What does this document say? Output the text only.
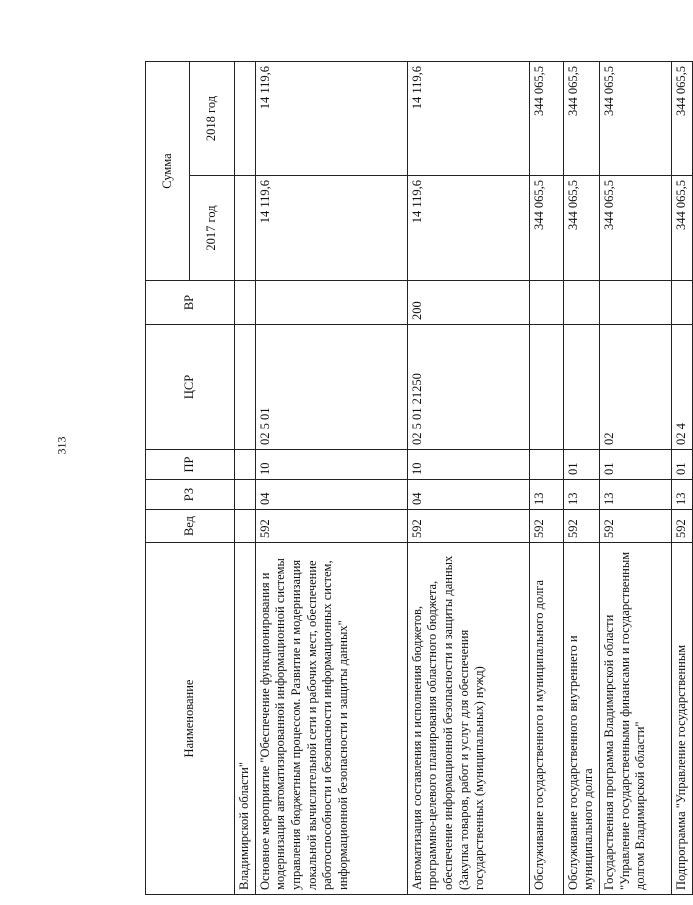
313
Наименование	Вед	РЗ	ПР	ЦСР	ВР	Сумма	
						2017 год	2018 год
Владимирской области"							
Основное мероприятие "Обеспечение функционирования и модернизация автоматизированной информационной системы управления бюджетным процессом. Развитие и модернизация локальной вычислительной сети и рабочих мест, обеспечение работоспособности и безопасности информационных систем, информационной безопасности и защиты данных"	592	04	10	02 5 01		14 119,6	14 119,6
Автоматизация составления и исполнения бюджетов, программно-целевого планирования областного бюджета, обеспечение информационной безопасности и защиты данных (Закупка товаров, работ и услуг для обеспечения государственных (муниципальных) нужд)	592	04	10	02 5 01 21250	200	14 119,6	14 119,6
Обслуживание государственного и муниципального долга	592	13				344 065,5	344 065,5
Обслуживание государственного внутреннего и муниципального долга	592	13	01			344 065,5	344 065,5
Государственная программа Владимирской области "Управление государственными финансами и государственным долгом Владимирской области"	592	13	01	02		344 065,5	344 065,5
Подпрограмма "Управление государственным	592	13	01	02 4		344 065,5	344 065,5
